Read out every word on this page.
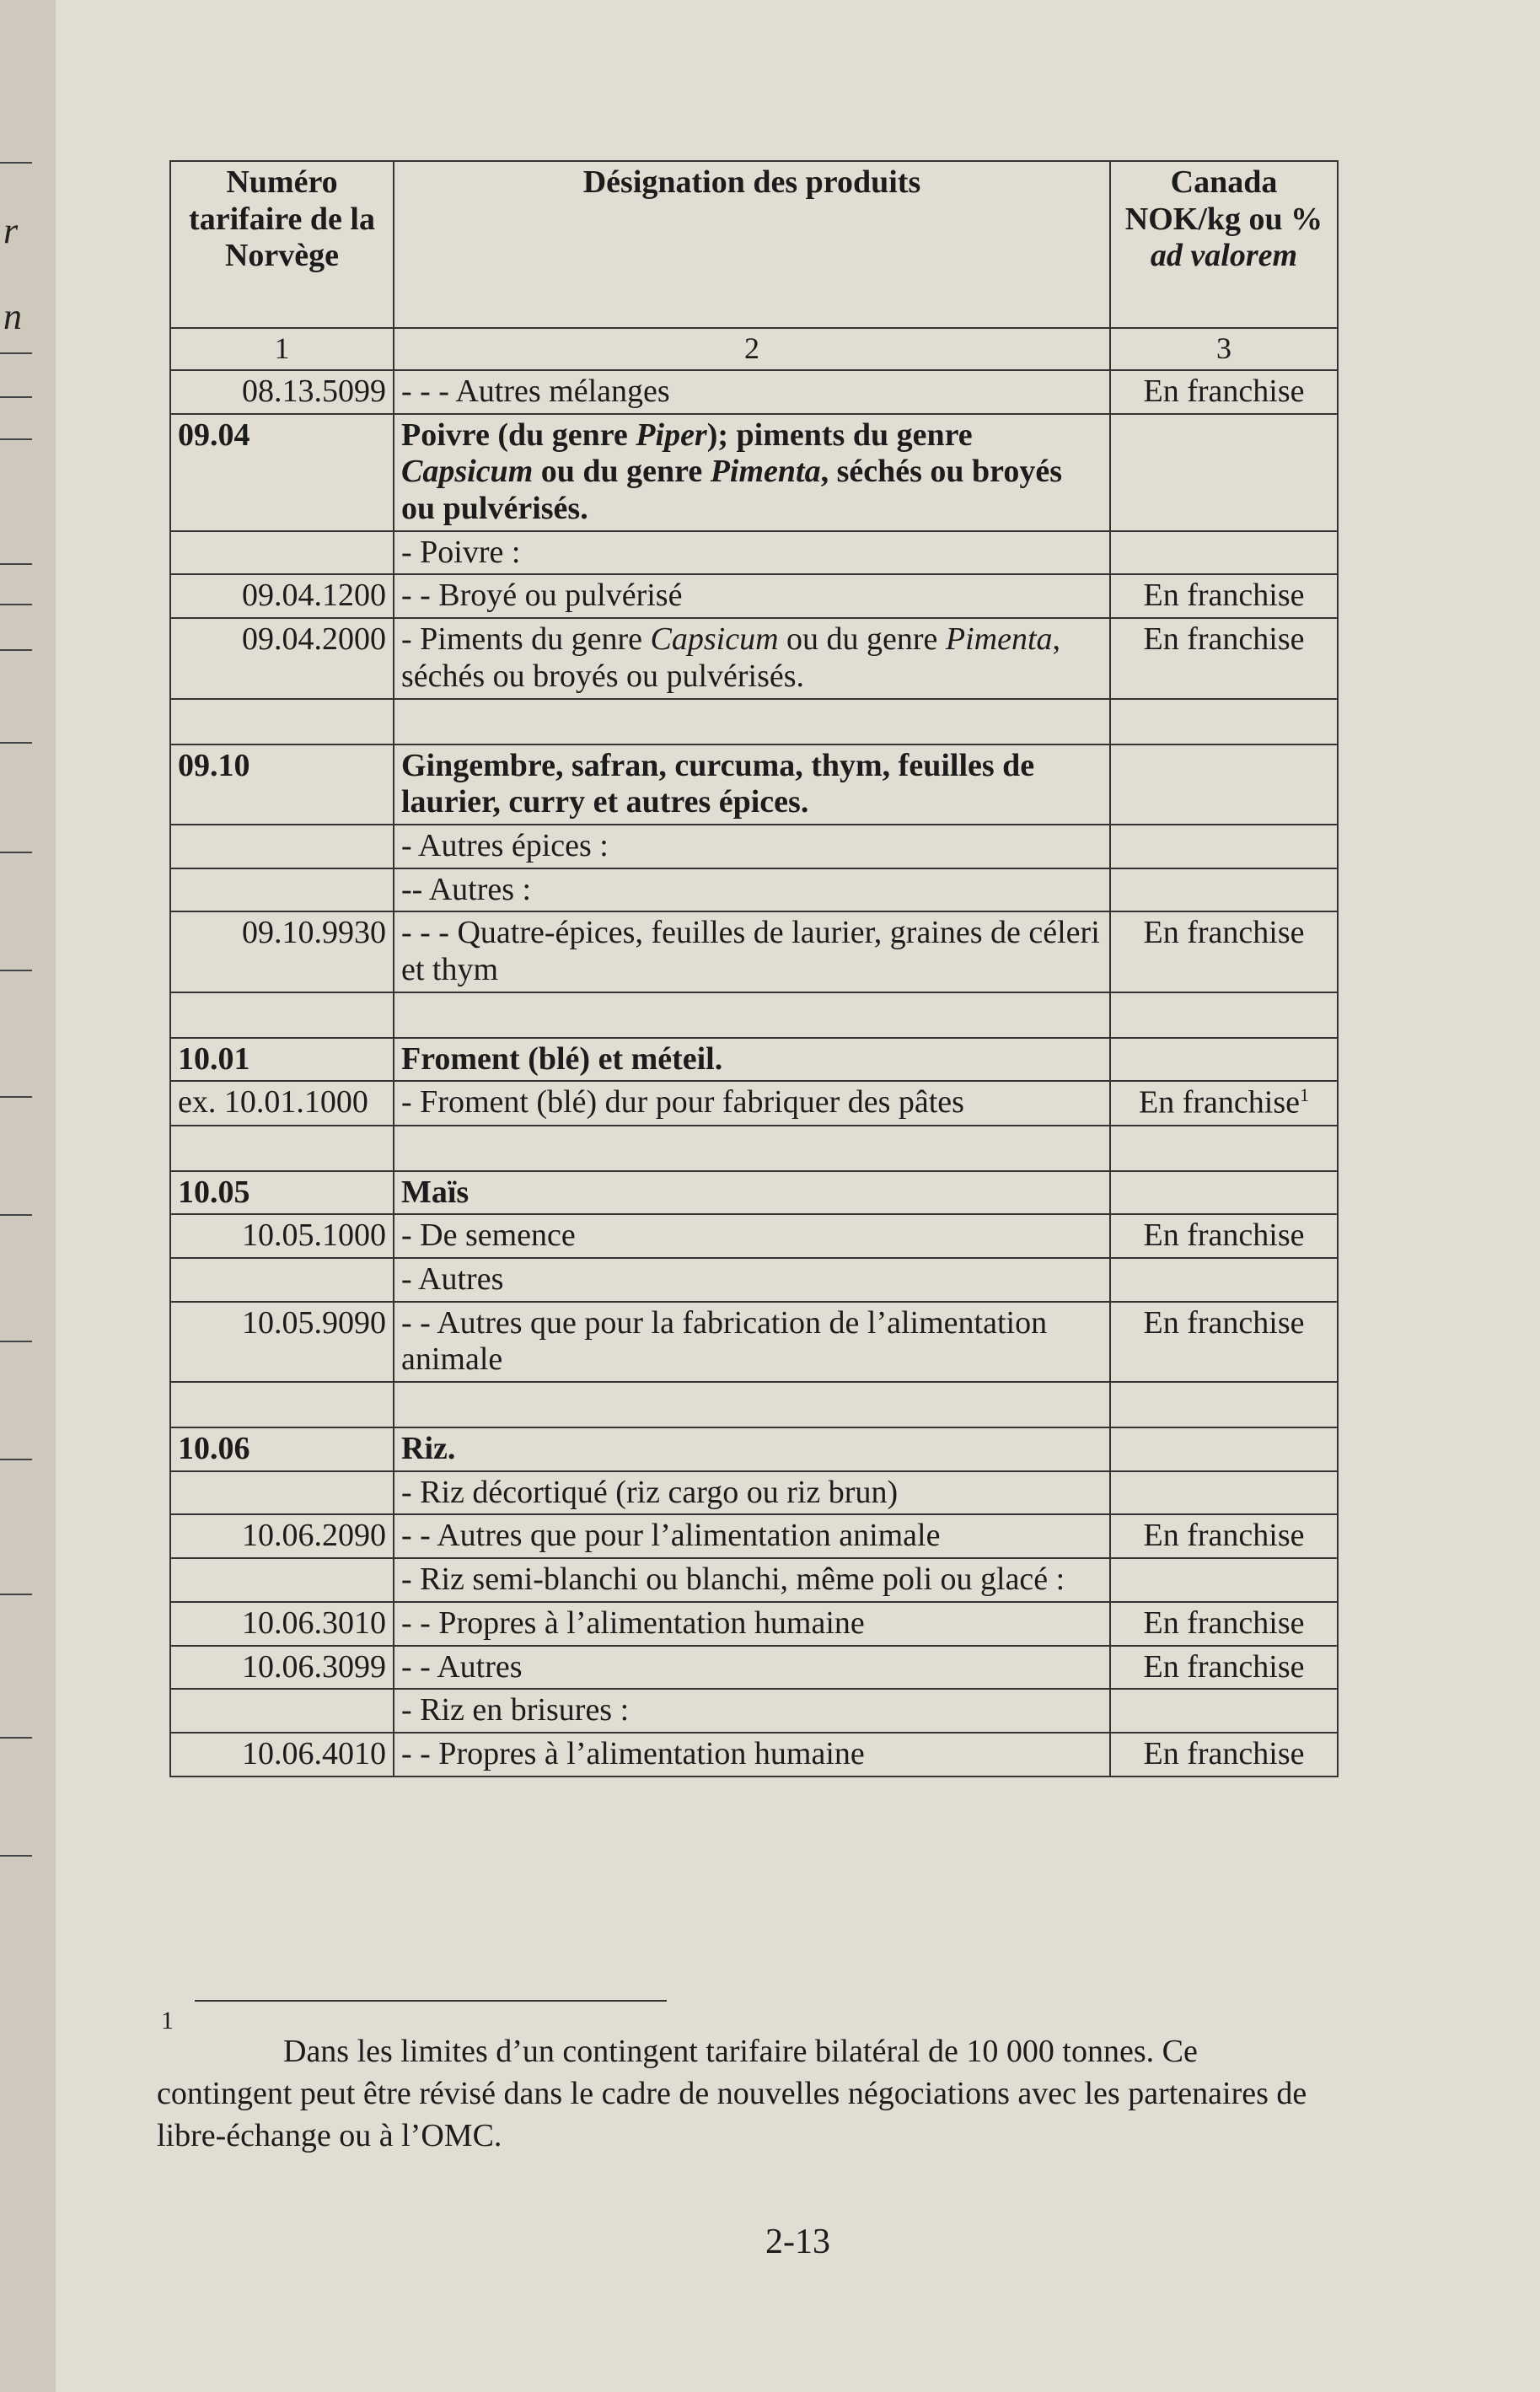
r
n
Numéro tarifaire de la Norvège	Désignation des produits	Canada NOK/kg ou %
ad valorem
1	2	3
08.13.5099	- - - Autres mélanges	En franchise
09.04	Poivre (du genre Piper); piments du genre Capsicum ou du genre Pimenta, séchés ou broyés ou pulvérisés.	
	- Poivre :	
09.04.1200	- - Broyé ou pulvérisé	En franchise
09.04.2000	- Piments du genre Capsicum ou du genre Pimenta, séchés ou broyés ou pulvérisés.	En franchise

09.10	Gingembre, safran, curcuma, thym, feuilles de laurier, curry et autres épices.	
	- Autres épices :	
	-- Autres :	
09.10.9930	- - - Quatre-épices, feuilles de laurier, graines de céleri et thym	En franchise

10.01	Froment (blé) et méteil.	
ex. 10.01.1000	- Froment (blé) dur pour fabriquer des pâtes	En franchise$^1$

10.05	Maïs	
10.05.1000	- De semence	En franchise
	- Autres	
10.05.9090	- - Autres que pour la fabrication de l’alimentation animale	En franchise

10.06	Riz.	
	- Riz décortiqué (riz cargo ou riz brun)	
10.06.2090	- - Autres que pour l’alimentation animale	En franchise
	- Riz semi-blanchi ou blanchi, même poli ou glacé :	
10.06.3010	- - Propres à l’alimentation humaine	En franchise
10.06.3099	- - Autres	En franchise
	- Riz en brisures :	
10.06.4010	- - Propres à l’alimentation humaine	En franchise
1
Dans les limites d’un contingent tarifaire bilatéral de 10 000 tonnes. Ce contingent peut être révisé dans le cadre de nouvelles négociations avec les partenaires de libre-échange ou à l’OMC.
2-13
